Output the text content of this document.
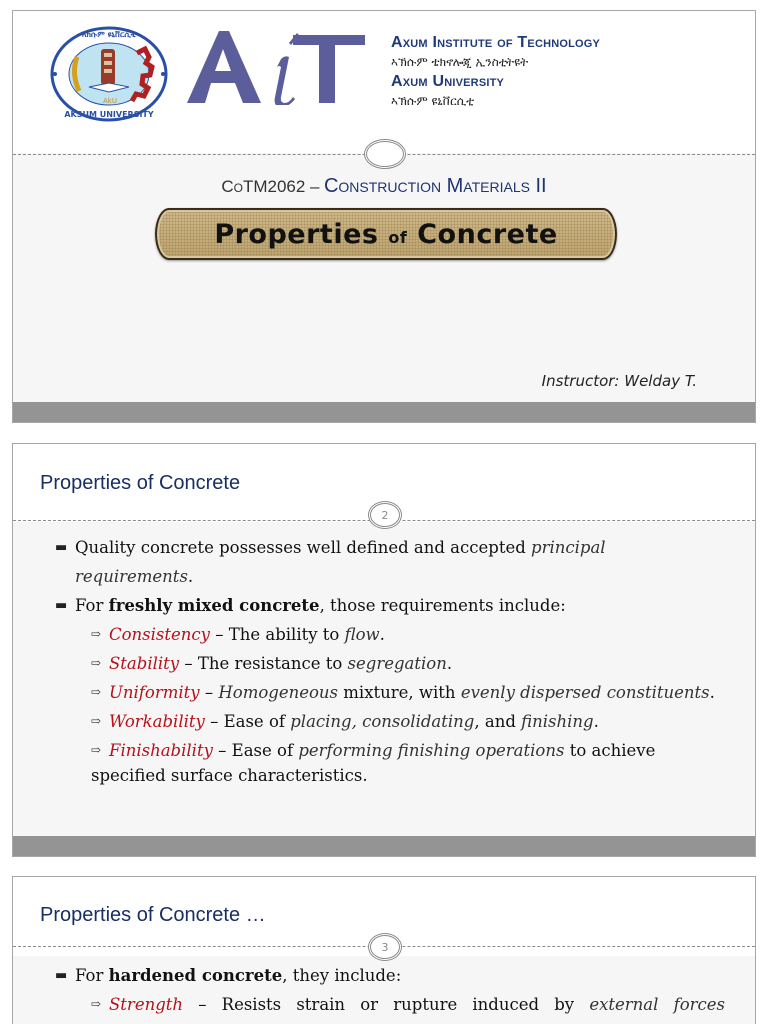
AkU
አክሱም ዩኒቨርሲቲ
AKSUM UNIVERSITY
Axum Institute of Technology
ኣኽሱም ቴክኖሎጂ ኢንስቲትዩት
Axum University
ኣኽሱም ዩኒቨርሲቲ
CoTM2062 – Construction Materials II
Properties of Concrete
Instructor: Welday T.
Properties of Concrete
2
▬ Quality concrete possesses well defined and accepted principal requirements.
▬ For freshly mixed concrete, those requirements include:
⇨ Consistency – The ability to flow.
⇨ Stability – The resistance to segregation.
⇨ Uniformity – Homogeneous mixture, with evenly dispersed constituents.
⇨ Workability – Ease of placing, consolidating, and finishing.
⇨ Finishability – Ease of performing finishing operations to achieve
specified surface characteristics.
Properties of Concrete …
3
▬ For hardened concrete, they include:
⇨ Strength – Resists strain or rupture induced by external forces
